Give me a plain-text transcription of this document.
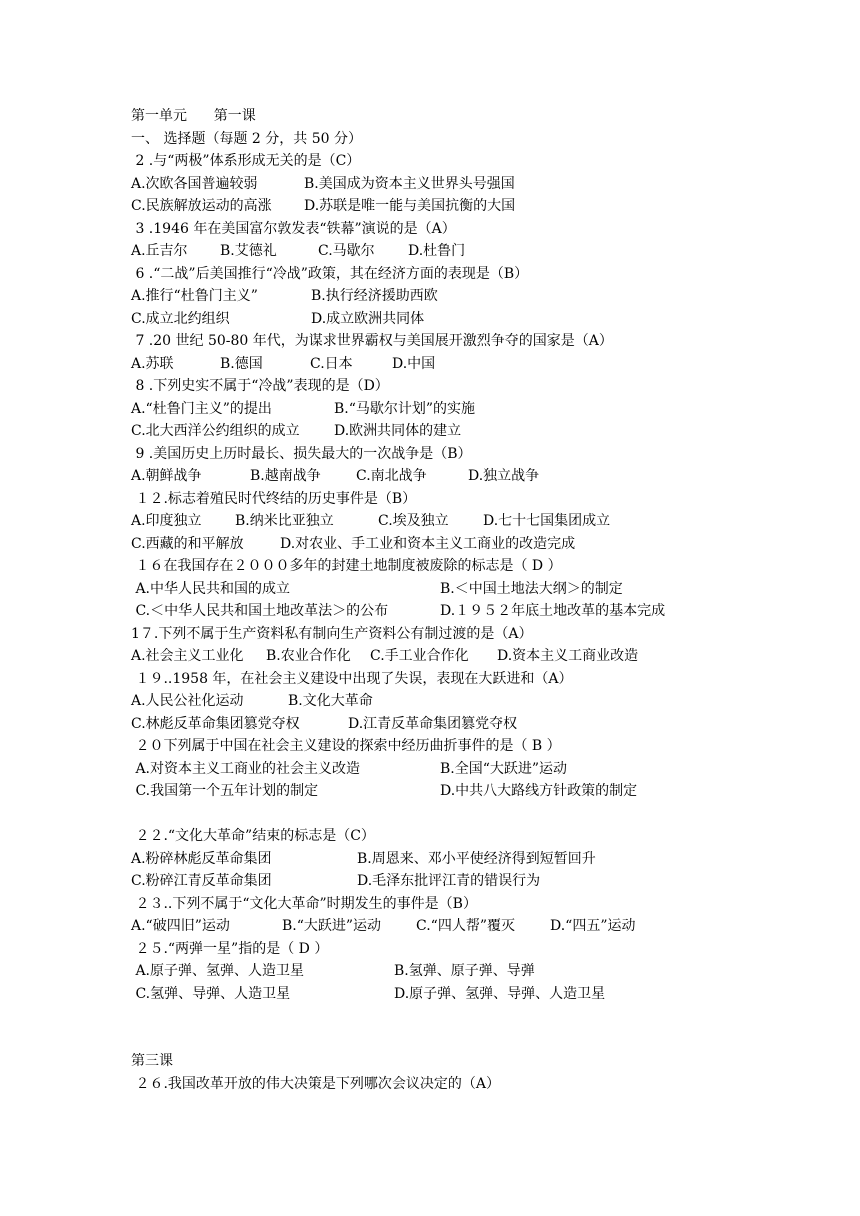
第一单元      第一课
一、 选择题（每题 2 分，共 50 分）
2 .与“两极”体系形成无关的是（C）

A.次欧各国普遍较弱

	B.美国成为资本主义世界头号强国

C.民族解放运动的高涨

D.苏联是唯一能与美国抗衡的大国

3 .1946 年在美国富尔敦发表“铁幕”演说的是（A）

A.丘吉尔

B.艾德礼

	C.马歇尔

D.杜鲁门

6 .“二战”后美国推行“冷战”政策，其在经济方面的表现是（B）

A.推行“杜鲁门主义”

	B.执行经济援助西欧

C.成立北约组织

	D.成立欧洲共同体

7 .20 世纪 50-80 年代，为谋求世界霸权与美国展开激烈争夺的国家是（A）

A.苏联

	B.德国

	C.日本

	D.中国

8 .下列史实不属于“冷战”表现的是（D）

A.“杜鲁门主义”的提出

	B.“马歇尔计划”的实施

C.北大西洋公约组织的成立

D.欧洲共同体的建立

9 .美国历史上历时最长、损失最大的一次战争是（B）

A.朝鲜战争

	B.越南战争

	C.南北战争

	D.独立战争

１２.标志着殖民时代终结的历史事件是（B）

A.印度独立

B.纳米比亚独立

	C.埃及独立

D.七十七国集团成立

C.西藏的和平解放

	D.对农业、手工业和资本主义工商业的改造完成

１６在我国存在２０００多年的封建土地制度被废除的标志是（ D ）

A.中华人民共和国的成立

	B.＜中国土地法大纲＞的制定

C.＜中华人民共和国土地改革法＞的公布

	D.１９５２年底土地改革的基本完成

1７.下列不属于生产资料私有制向生产资料公有制过渡的是（A）

A.社会主义工业化

B.农业合作化

C.手工业合作化

D.资本主义工商业改造

１９..1958 年，在社会主义建设中出现了失误，表现在大跃进和（A）

A.人民公社化运动

	B.文化大革命

C.林彪反革命集团篡党夺权

	D.江青反革命集团篡党夺权

２０下列属于中国在社会主义建设的探索中经历曲折事件的是（ B ）

A.对资本主义工商业的社会主义改造

	B.全国“大跃进”运动

C.我国第一个五年计划的制定

	D.中共八大路线方针政策的制定

２２.“文化大革命”结束的标志是（C）

A.粉碎林彪反革命集团

	B.周恩来、邓小平使经济得到短暂回升

C.粉碎江青反革命集团

	D.毛泽东批评江青的错误行为

２３..下列不属于“文化大革命”时期发生的事件是（B）

A.“破四旧”运动

	B.“大跃进”运动

C.“四人帮”覆灭

	D.“四五”运动

２５.“两弹一星”指的是（ D ）

A.原子弹、氢弹、人造卫星

	B.氢弹、原子弹、导弹

C.氢弹、导弹、人造卫星

	D.原子弹、氢弹、导弹、人造卫星

第三课
２６.我国改革开放的伟大决策是下列哪次会议决定的（A）
